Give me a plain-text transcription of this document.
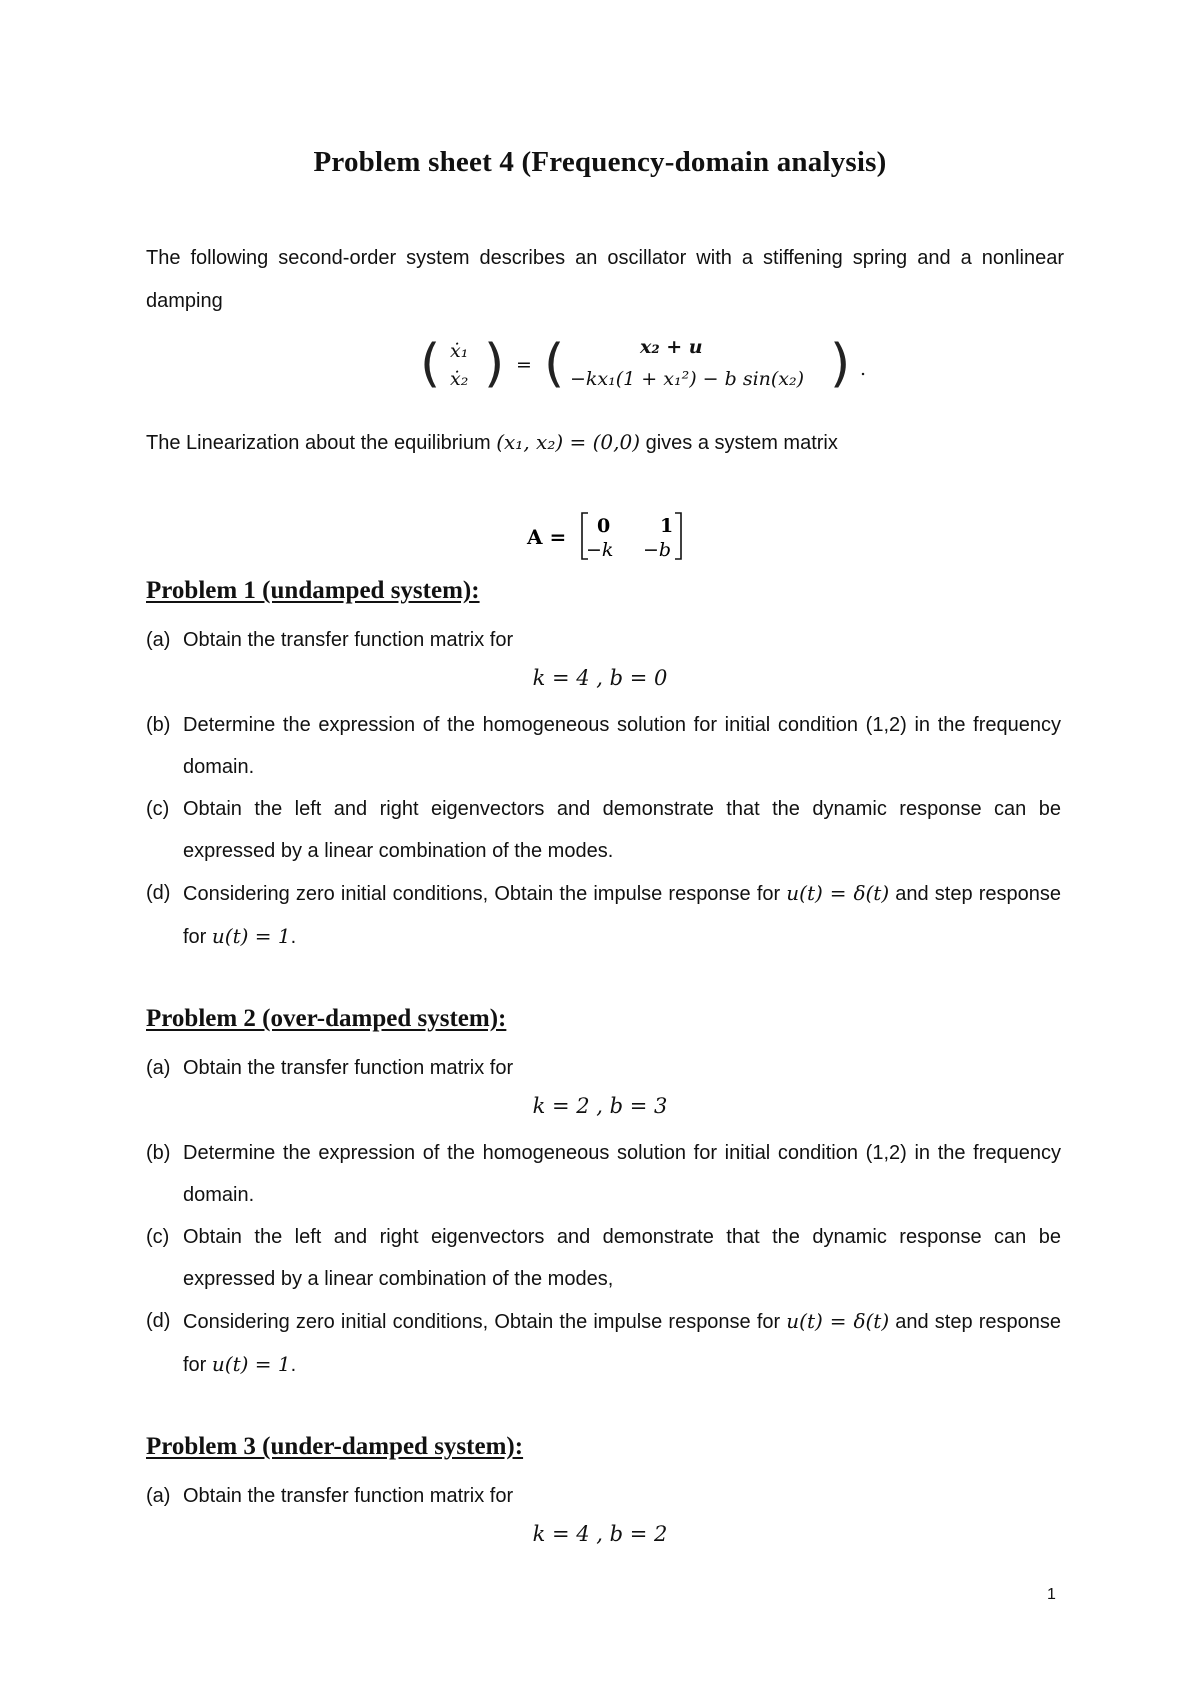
Problem sheet 4 (Frequency-domain analysis)
The following second-order system describes an oscillator with a stiffening spring and a nonlinear damping
( ẋ₁
ẋ₂ ) = (	x₂ + u
−kx₁(1 + x₁²) − b sin(x₂) ) .
The Linearization about the equilibrium (x₁, x₂) = (0,0) gives a system matrix
A = 0	1
−k −b
Problem 1 (undamped system):
(a) Obtain the transfer function matrix for
k = 4 , b = 0
(b) Determine the expression of the homogeneous solution for initial condition (1,2) in the frequency domain.
(c) Obtain the left and right eigenvectors and demonstrate that the dynamic response can be expressed by a linear combination of the modes.
(d) Considering zero initial conditions, Obtain the impulse response for u(t) = δ(t) and step response for u(t) = 1.
Problem 2 (over-damped system):
(a) Obtain the transfer function matrix for
k = 2 , b = 3
(b) Determine the expression of the homogeneous solution for initial condition (1,2) in the frequency domain.
(c) Obtain the left and right eigenvectors and demonstrate that the dynamic response can be expressed by a linear combination of the modes,
(d) Considering zero initial conditions, Obtain the impulse response for u(t) = δ(t) and step response for u(t) = 1.
Problem 3 (under-damped system):
(a) Obtain the transfer function matrix for
k = 4 , b = 2
1
